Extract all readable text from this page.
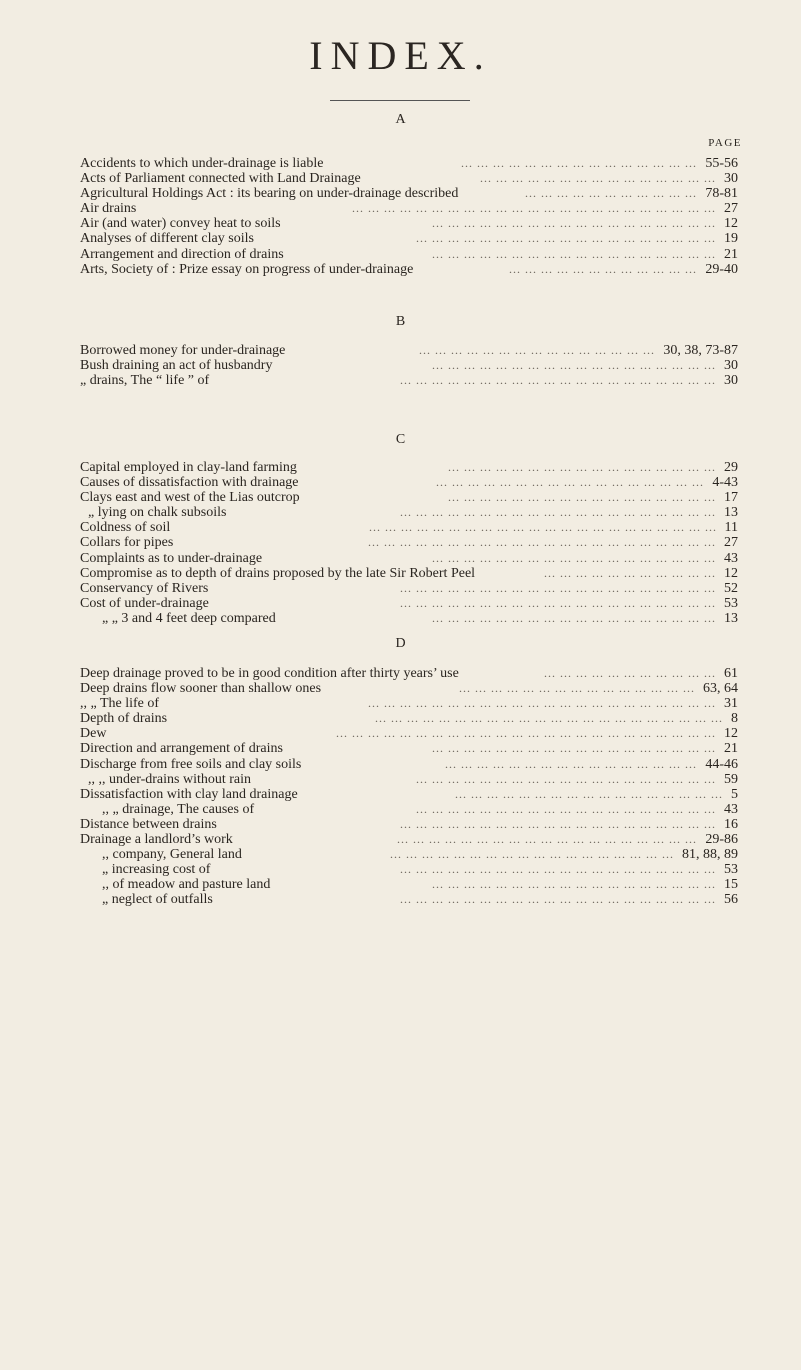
INDEX.
PAGE
A
Accidents to which under-drainage is liable	... ... ... ... ... ... ... ... ... ... ... ... ... ... ... 55-56
Acts of Parliament connected with Land Drainage	... ... ... ... ... ... ... ... ... ... ... ... ... ... ... 30
Agricultural Holdings Act : its bearing on under-drainage described	... ... ... ... ... ... ... ... ... ... ... 78-81
Air drains	... ... ... ... ... ... ... ... ... ... ... ... ... ... ... ... ... ... ... ... ... ... ... 27
Air (and water) convey heat to soils	... ... ... ... ... ... ... ... ... ... ... ... ... ... ... ... ... ... 12
Analyses of different clay soils	... ... ... ... ... ... ... ... ... ... ... ... ... ... ... ... ... ... ... 19
Arrangement and direction of drains	... ... ... ... ... ... ... ... ... ... ... ... ... ... ... ... ... ... 21
Arts, Society of : Prize essay on progress of under-drainage	... ... ... ... ... ... ... ... ... ... ... ... 29-40
B
Borrowed money for under-drainage	... ... ... ... ... ... ... ... ... ... ... ... ... ... ... 30, 38, 73-87
Bush draining an act of husbandry	... ... ... ... ... ... ... ... ... ... ... ... ... ... ... ... ... ... 30
„ drains, The “ life ” of	... ... ... ... ... ... ... ... ... ... ... ... ... ... ... ... ... ... ... ... 30
C
Capital employed in clay-land farming	... ... ... ... ... ... ... ... ... ... ... ... ... ... ... ... ... 29
Causes of dissatisfaction with drainage	... ... ... ... ... ... ... ... ... ... ... ... ... ... ... ... ... 4-43
Clays east and west of the Lias outcrop	... ... ... ... ... ... ... ... ... ... ... ... ... ... ... ... ... 17
„ lying on chalk subsoils	... ... ... ... ... ... ... ... ... ... ... ... ... ... ... ... ... ... ... ... 13
Coldness of soil	... ... ... ... ... ... ... ... ... ... ... ... ... ... ... ... ... ... ... ... ... ... 11
Collars for pipes	... ... ... ... ... ... ... ... ... ... ... ... ... ... ... ... ... ... ... ... ... ... 27
Complaints as to under-drainage	... ... ... ... ... ... ... ... ... ... ... ... ... ... ... ... ... ... 43
Compromise as to depth of drains proposed by the late Sir Robert Peel	... ... ... ... ... ... ... ... ... ... ... 12
Conservancy of Rivers	... ... ... ... ... ... ... ... ... ... ... ... ... ... ... ... ... ... ... ... 52
Cost of under-drainage	... ... ... ... ... ... ... ... ... ... ... ... ... ... ... ... ... ... ... ... 53
„ „ 3 and 4 feet deep compared	... ... ... ... ... ... ... ... ... ... ... ... ... ... ... ... ... ... 13
D
Deep drainage proved to be in good condition after thirty years’ use	... ... ... ... ... ... ... ... ... ... ... 61
Deep drains flow sooner than shallow ones	... ... ... ... ... ... ... ... ... ... ... ... ... ... ... 63, 64
,, „ The life of	... ... ... ... ... ... ... ... ... ... ... ... ... ... ... ... ... ... ... ... ... ... 31
Depth of drains	... ... ... ... ... ... ... ... ... ... ... ... ... ... ... ... ... ... ... ... ... ... 8
Dew	... ... ... ... ... ... ... ... ... ... ... ... ... ... ... ... ... ... ... ... ... ... ... ... 12
Direction and arrangement of drains	... ... ... ... ... ... ... ... ... ... ... ... ... ... ... ... ... ... 21
Discharge from free soils and clay soils	... ... ... ... ... ... ... ... ... ... ... ... ... ... ... ... 44-46
,, ,, under-drains without rain	... ... ... ... ... ... ... ... ... ... ... ... ... ... ... ... ... ... ... 59
Dissatisfaction with clay land drainage	... ... ... ... ... ... ... ... ... ... ... ... ... ... ... ... ... 5
,, „ drainage, The causes of	... ... ... ... ... ... ... ... ... ... ... ... ... ... ... ... ... ... ... 43
Distance between drains	... ... ... ... ... ... ... ... ... ... ... ... ... ... ... ... ... ... ... ... 16
Drainage a landlord’s work	... ... ... ... ... ... ... ... ... ... ... ... ... ... ... ... ... ... ... 29-86
,, company, General land	... ... ... ... ... ... ... ... ... ... ... ... ... ... ... ... ... ... 81, 88, 89
„ increasing cost of	... ... ... ... ... ... ... ... ... ... ... ... ... ... ... ... ... ... ... ... 53
,, of meadow and pasture land	... ... ... ... ... ... ... ... ... ... ... ... ... ... ... ... ... ... 15
„ neglect of outfalls	... ... ... ... ... ... ... ... ... ... ... ... ... ... ... ... ... ... ... ... 56
